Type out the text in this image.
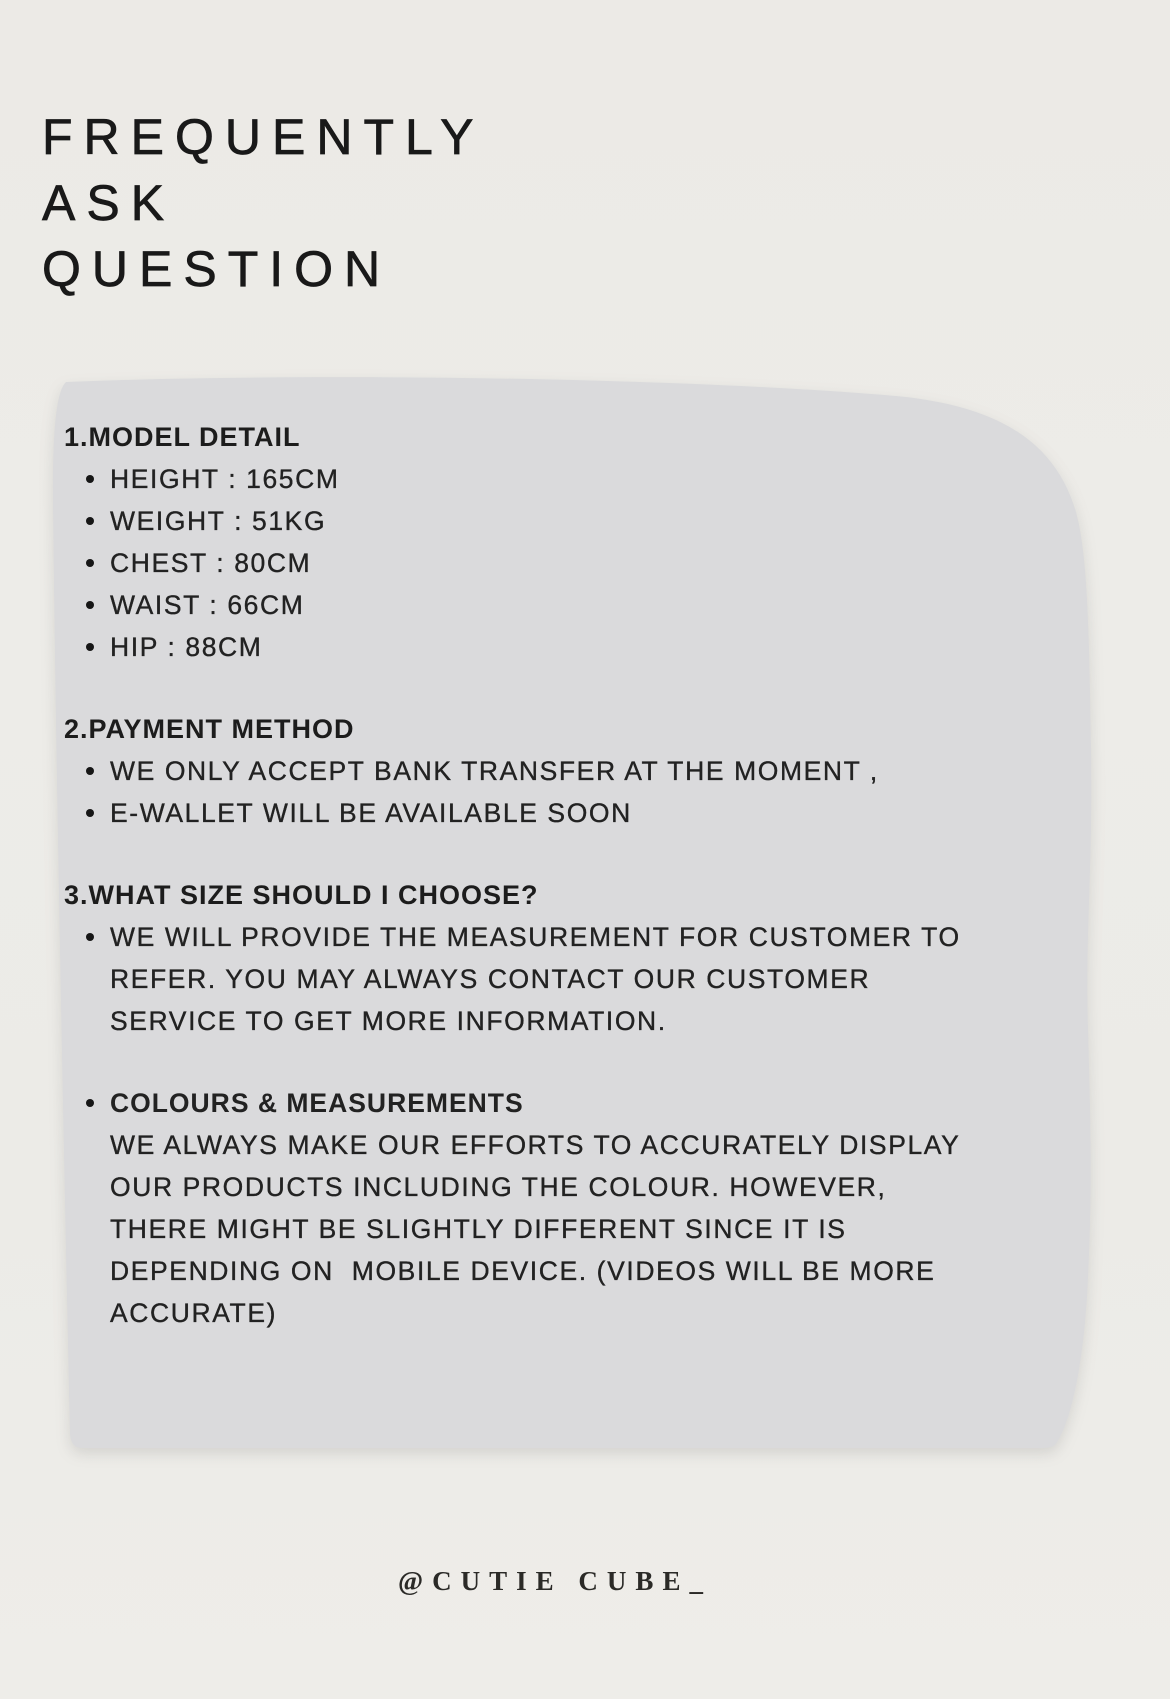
FREQUENTLY
ASK
QUESTION
1.MODEL DETAIL
HEIGHT : 165CM
WEIGHT : 51KG
CHEST : 80CM
WAIST : 66CM
HIP : 88CM
2.PAYMENT METHOD
WE ONLY ACCEPT BANK TRANSFER AT THE MOMENT ,
E-WALLET WILL BE AVAILABLE SOON
3.WHAT SIZE SHOULD I CHOOSE?
WE WILL PROVIDE THE MEASUREMENT FOR CUSTOMER TO
REFER. YOU MAY ALWAYS CONTACT OUR CUSTOMER
SERVICE TO GET MORE INFORMATION.
COLOURS & MEASUREMENTS
WE ALWAYS MAKE OUR EFFORTS TO ACCURATELY DISPLAY
OUR PRODUCTS INCLUDING THE COLOUR. HOWEVER,
THERE MIGHT BE SLIGHTLY DIFFERENT SINCE IT IS
DEPENDING ON  MOBILE DEVICE. (VIDEOS WILL BE MORE
ACCURATE)
@CUTIE CUBE_
